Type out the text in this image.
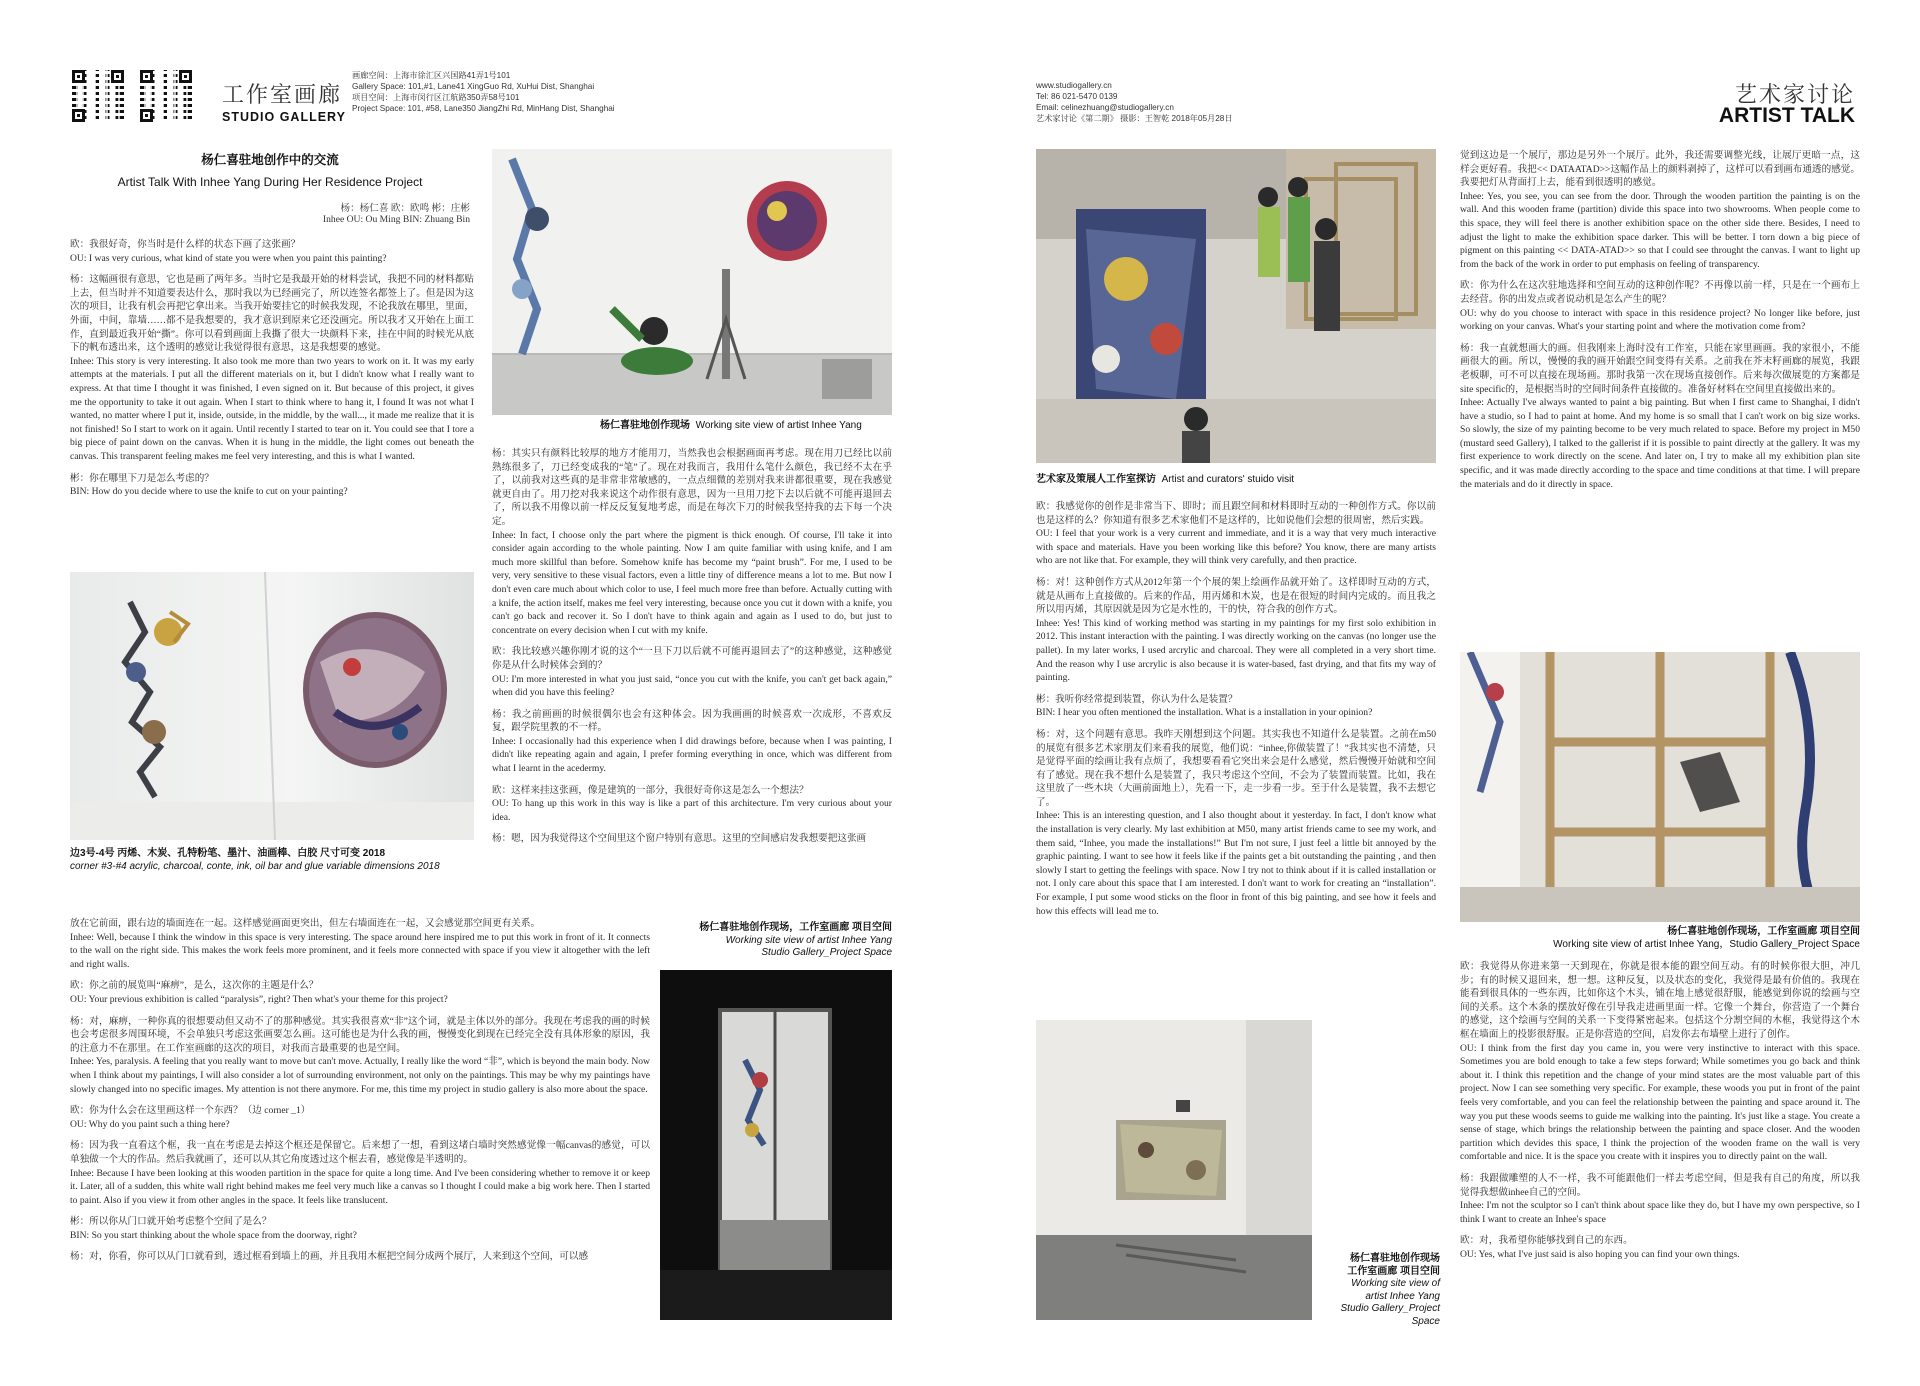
工作室画廊
STUDIO GALLERY
画廊空间：上海市徐汇区兴国路41弄1号101
Gallery Space: 101,#1, Lane41 XingGuo Rd, XuHui Dist, Shanghai
项目空间：上海市闵行区江航路350弄58号101
Project Space: 101, #58, Lane350 JiangZhi Rd, MinHang Dist, Shanghai
杨仁喜驻地创作中的交流
Artist Talk With Inhee Yang During Her Residence Project
杨：杨仁喜 欧：欧鸣 彬：庄彬
Inhee OU: Ou Ming BIN: Zhuang Bin

欧：我很好奇，你当时是什么样的状态下画了这张画？
OU: I was very curious, what kind of state you were when you paint this painting?

杨：这幅画很有意思，它也是画了两年多。当时它是我最开始的材料尝试，我把不同的材料都贴上去，但当时并不知道要表达什么，那时我以为已经画完了，所以连签名都签上了。但是因为这次的项目，让我有机会再把它拿出来。当我开始要挂它的时候我发现，不论我放在哪里，里面，外面，中间，靠墙……都不是我想要的，我才意识到原来它还没画完。所以我才又开始在上面工作，直到最近我开始“撕”。你可以看到画面上我撕了很大一块颜料下来，挂在中间的时候光从底下的帆布透出来，这个透明的感觉让我觉得很有意思，这是我想要的感觉。
Inhee: This story is very interesting. It also took me more than two years to work on it. It was my early attempts at the materials. I put all the different materials on it, but I didn't know what I really want to express. At that time I thought it was finished, I even signed on it. But because of this project, it gives me the opportunity to take it out again. When I start to think where to hang it, I found It was not what I wanted, no matter where I put it, inside, outside, in the middle, by the wall..., it made me realize that it is not finished! So I start to work on it again. Until recently I started to tear on it. You could see that I tore a big piece of paint down on the canvas. When it is hung in the middle, the light comes out beneath the canvas. This transparent feeling makes me feel very interesting, and this is what I wanted.

彬：你在哪里下刀是怎么考虑的？
BIN: How do you decide where to use the knife to cut on your painting?

边3号-4号 丙烯、木炭、孔特粉笔、墨汁、油画棒、白胶 尺寸可变 2018
corner #3-#4 acrylic, charcoal, conte, ink, oil bar and glue variable dimensions 2018
杨仁喜驻地创作现场 Working site view of artist Inhee Yang

杨：其实只有颜料比较厚的地方才能用刀，当然我也会根据画面再考虑。现在用刀已经比以前熟练很多了，刀已经变成我的“笔”了。现在对我而言，我用什么笔什么颜色，我已经不太在乎了，以前我对这些真的是非常非常敏感的，一点点细微的差别对我来讲都很重要，现在我感觉就更自由了。用刀挖对我来说这个动作很有意思，因为一旦用刀挖下去以后就不可能再退回去了，所以我不用像以前一样反反复复地考虑，而是在每次下刀的时候我坚持我的去下每一个决定。
Inhee: In fact, I choose only the part where the pigment is thick enough. Of course, I'll take it into consider again according to the whole painting. Now I am quite familiar with using knife, and I am much more skillful than before. Somehow knife has become my “paint brush”. For me, I used to be very, very sensitive to these visual factors, even a little tiny of difference means a lot to me. But now I don't even care much about which color to use, I feel much more free than before. Actually cutting with a knife, the action itself, makes me feel very interesting, because once you cut it down with a knife, you can't go back and recover it. So I don't have to think again and again as I used to do, but just to concentrate on every decision when I cut with my knife.

欧：我比较感兴趣你刚才说的这个“一旦下刀以后就不可能再退回去了”的这种感觉，这种感觉你是从什么时候体会到的？
OU: I'm more interested in what you just said, “once you cut with the knife, you can't get back again,” when did you have this feeling?

杨：我之前画画的时候很偶尔也会有这种体会。因为我画画的时候喜欢一次成形，不喜欢反复，跟学院里教的不一样。
Inhee: I occasionally had this experience when I did drawings before, because when I was painting, I didn't like repeating again and again, I prefer forming everything in once, which was different from what I learnt in the acedermy.

欧：这样来挂这张画，像是建筑的一部分，我很好奇你这是怎么一个想法？
OU: To hang up this work in this way is like a part of this architecture. I'm very curious about your idea.

杨：嗯，因为我觉得这个空间里这个窗户特别有意思。这里的空间感启发我想要把这张画

放在它前面，跟右边的墙面连在一起。这样感觉画面更突出，但左右墙面连在一起，又会感觉那空间更有关系。
Inhee: Well, because I think the window in this space is very interesting. The space around here inspired me to put this work in front of it. It connects to the wall on the right side. This makes the work feels more prominent, and it feels more connected with space if you view it altogether with the left and right walls.

欧：你之前的展览叫“麻痹”，是么，这次你的主题是什么？
OU: Your previous exhibition is called “paralysis”, right? Then what's your theme for this project?

杨：对，麻痹，一种你真的很想要动但又动不了的那种感觉。其实我很喜欢“非”这个词，就是主体以外的部分。我现在考虑我的画的时候也会考虑很多周围环境，不会单独只考虑这张画要怎么画。这可能也是为什么我的画，慢慢变化到现在已经完全没有具体形象的原因，我的注意力不在那里。在工作室画廊的这次的项目，对我而言最重要的也是空间。
Inhee: Yes, paralysis. A feeling that you really want to move but can't move. Actually, I really like the word “非”, which is beyond the main body. Now when I think about my paintings, I will also consider a lot of surrounding environment, not only on the paintings. This may be why my paintings have slowly changed into no specific images. My attention is not there anymore. For me, this time my project in studio gallery is also more about the space.

欧：你为什么会在这里画这样一个东西？（边 corner _1）
OU: Why do you paint such a thing here?

杨：因为我一直看这个框，我一直在考虑是去掉这个框还是保留它。后来想了一想，看到这堵白墙时突然感觉像一幅canvas的感觉，可以单独做一个大的作品。然后我就画了，还可以从其它角度透过这个框去看，感觉像是半透明的。
Inhee: Because I have been looking at this wooden partition in the space for quite a long time. And I've been considering whether to remove it or keep it. Later, all of a sudden, this white wall right behind makes me feel very much like a canvas so I thought I could make a big work here. Then I started to paint. Also if you view it from other angles in the space. It feels like translucent.

彬：所以你从门口就开始考虑整个空间了是么？
BIN: So you start thinking about the whole space from the doorway, right?

杨：对，你看，你可以从门口就看到，透过框看到墙上的画，并且我用木框把空间分成两个展厅，人来到这个空间，可以感

杨仁喜驻地创作现场，工作室画廊 项目空间
Working site view of artist Inhee Yang
Studio Gallery_Project Space
www.studiogallery.cn
Tel: 86 021-5470 0139
Email: celinezhuang@studiogallery.cn
艺术家讨论《第二期》 摄影：王智乾 2018年05月28日
艺术家讨论
ARTIST TALK
艺术家及策展人工作室探访 Artist and curators' stuido visit

欧：我感觉你的创作是非常当下、即时；而且跟空间和材料即时互动的一种创作方式。你以前也是这样的么？你知道有很多艺术家他们不是这样的，比如说他们会想的很周密，然后实践。
OU: I feel that your work is a very current and immediate, and it is a way that very much interactive with space and materials. Have you been working like this before? You know, there are many artists who are not like that. For example, they will think very carefully, and then practice.

杨：对！这种创作方式从2012年第一个个展的架上绘画作品就开始了。这样即时互动的方式，就是从画布上直接做的。后来的作品，用丙烯和木炭，也是在很短的时间内完成的。而且我之所以用丙烯，其原因就是因为它是水性的，干的快，符合我的创作方式。
Inhee: Yes! This kind of working method was starting in my paintings for my first solo exhibition in 2012. This instant interaction with the painting. I was directly working on the canvas (no longer use the pallet). In my later works, I used arcrylic and charcoal. They were all completed in a very short time. And the reason why I use arcrylic is also because it is water-based, fast drying, and that fits my way of painting.

彬：我听你经常提到装置，你认为什么是装置？
BIN: I hear you often mentioned the installation. What is a installation in your opinion?

杨：对，这个问题有意思。我昨天刚想到这个问题。其实我也不知道什么是装置。之前在m50的展览有很多艺术家朋友们来看我的展览，他们说：“inhee,你做装置了！”我其实也不清楚，只是觉得平面的绘画让我有点烦了，我想要看看它突出来会是什么感觉，然后慢慢开始就和空间有了感觉。现在我不想什么是装置了，我只考虑这个空间，不会为了装置而装置。比如，我在这里放了一些木块（大画前面地上），先看一下，走一步看一步。至于什么是装置，我不去想它了。
Inhee: This is an interesting question, and I also thought about it yesterday. In fact, I don't know what the installation is very clearly. My last exhibition at M50, many artist friends came to see my work, and them said, “Inhee, you made the installations!” But I'm not sure, I just feel a little bit annoyed by the graphic painting. I want to see how it feels like if the paints get a bit outstanding the painting , and then slowly I start to getting the feelings with space. Now I try not to think about if it is called installation or not. I only care about this space that I am interested. I don't want to work for creating an “installation”. For example, I put some wood sticks on the floor in front of this big painting, and see how it feels and how this effects will lead me to.

杨仁喜驻地创作现场
工作室画廊 项目空间
Working site view of
artist Inhee Yang
Studio Gallery_Project
Space

觉到这边是一个展厅，那边是另外一个展厅。此外，我还需要调整光线，让展厅更暗一点，这样会更好看。我把<< DATAATAD>>这幅作品上的颜料剥掉了，这样可以看到画布通透的感觉。我要把灯从背面打上去，能看到很透明的感觉。
Inhee: Yes, you see, you can see from the door. Through the wooden partition the painting is on the wall. And this wooden frame (partition) divide this space into two showrooms. When people come to this space, they will feel there is another exhibition space on the other side there. Besides, I need to adjust the light to make the exhibition space darker. This will be better. I torn down a big piece of pigment on this painting << DATA-ATAD>> so that I could see throught the canvas. I want to light up from the back of the work in order to put emphasis on feeling of transparency.

欧：你为什么在这次驻地选择和空间互动的这种创作呢？不再像以前一样，只是在一个画布上去经营。你的出发点或者说动机是怎么产生的呢？
OU: why do you choose to interact with space in this residence project? No longer like before, just working on your canvas. What's your starting point and where the motivation come from?

杨：我一直就想画大的画。但我刚来上海时没有工作室，只能在家里画画。我的家很小，不能画很大的画。所以，慢慢的我的画开始跟空间变得有关系。之前我在芥末籽画廊的展览，我跟老板聊，可不可以直接在现场画。那时我第一次在现场直接创作。后来每次做展览的方案都是site specific的，是根据当时的空间时间条件直接做的。准备好材料在空间里直接做出来的。
Inhee: Actually I've always wanted to paint a big painting. But when I first came to Shanghai, I didn't have a studio, so I had to paint at home. And my home is so small that I can't work on big size works. So slowly, the size of my painting become to be very much related to space. Before my project in M50 (mustard seed Gallery), I talked to the gallerist if it is possible to paint directly at the gallery. It was my first experience to work directly on the scene. And later on, I try to make all my exhibition plan site specific, and it was made directly according to the space and time conditions at that time. I will prepare the materials and do it directly in space.

杨仁喜驻地创作现场，工作室画廊 项目空间
Working site view of artist Inhee Yang，Studio Gallery_Project Space

欧：我觉得从你进来第一天到现在，你就是很本能的跟空间互动。有的时候你很大胆，冲几步；有的时候又退回来，想一想。这种反复，以及状态的变化，我觉得是最有价值的。我现在能看到很具体的一些东西，比如你这个木头，铺在地上感觉很舒服，能感觉到你说的绘画与空间的关系。这个木条的摆放好像在引导我走进画里面一样。它像一个舞台，你营造了一个舞台的感觉，这个绘画与空间的关系一下变得紧密起来。包括这个分割空间的木框，我觉得这个木框在墙面上的投影很舒服。正是你营造的空间，启发你去布墙壁上进行了创作。
OU: I think from the first day you came in, you were very instinctive to interact with this space. Sometimes you are bold enough to take a few steps forward; While sometimes you go back and think about it. I think this repetition and the change of your mind states are the most valuable part of this project. Now I can see something very specific. For example, these woods you put in front of the paint feels very comfortable, and you can feel the relationship between the painting and space around it. The way you put these woods seems to guide me walking into the painting. It's just like a stage. You create a sense of stage, which brings the relationship between the painting and space closer. And the wooden partition which devides this space, I think the projection of the wooden frame on the wall is very comfortable and nice. It is the space you create with it inspires you to directly paint on the wall.

杨：我跟做雕塑的人不一样，我不可能跟他们一样去考虑空间，但是我有自己的角度，所以我觉得我想做inhee自己的空间。
Inhee: I'm not the sculptor so I can't think about space like they do, but I have my own perspective, so I think I want to create an Inhee's space

欧：对，我希望你能够找到自己的东西。
OU: Yes, what I've just said is also hoping you can find your own things.
